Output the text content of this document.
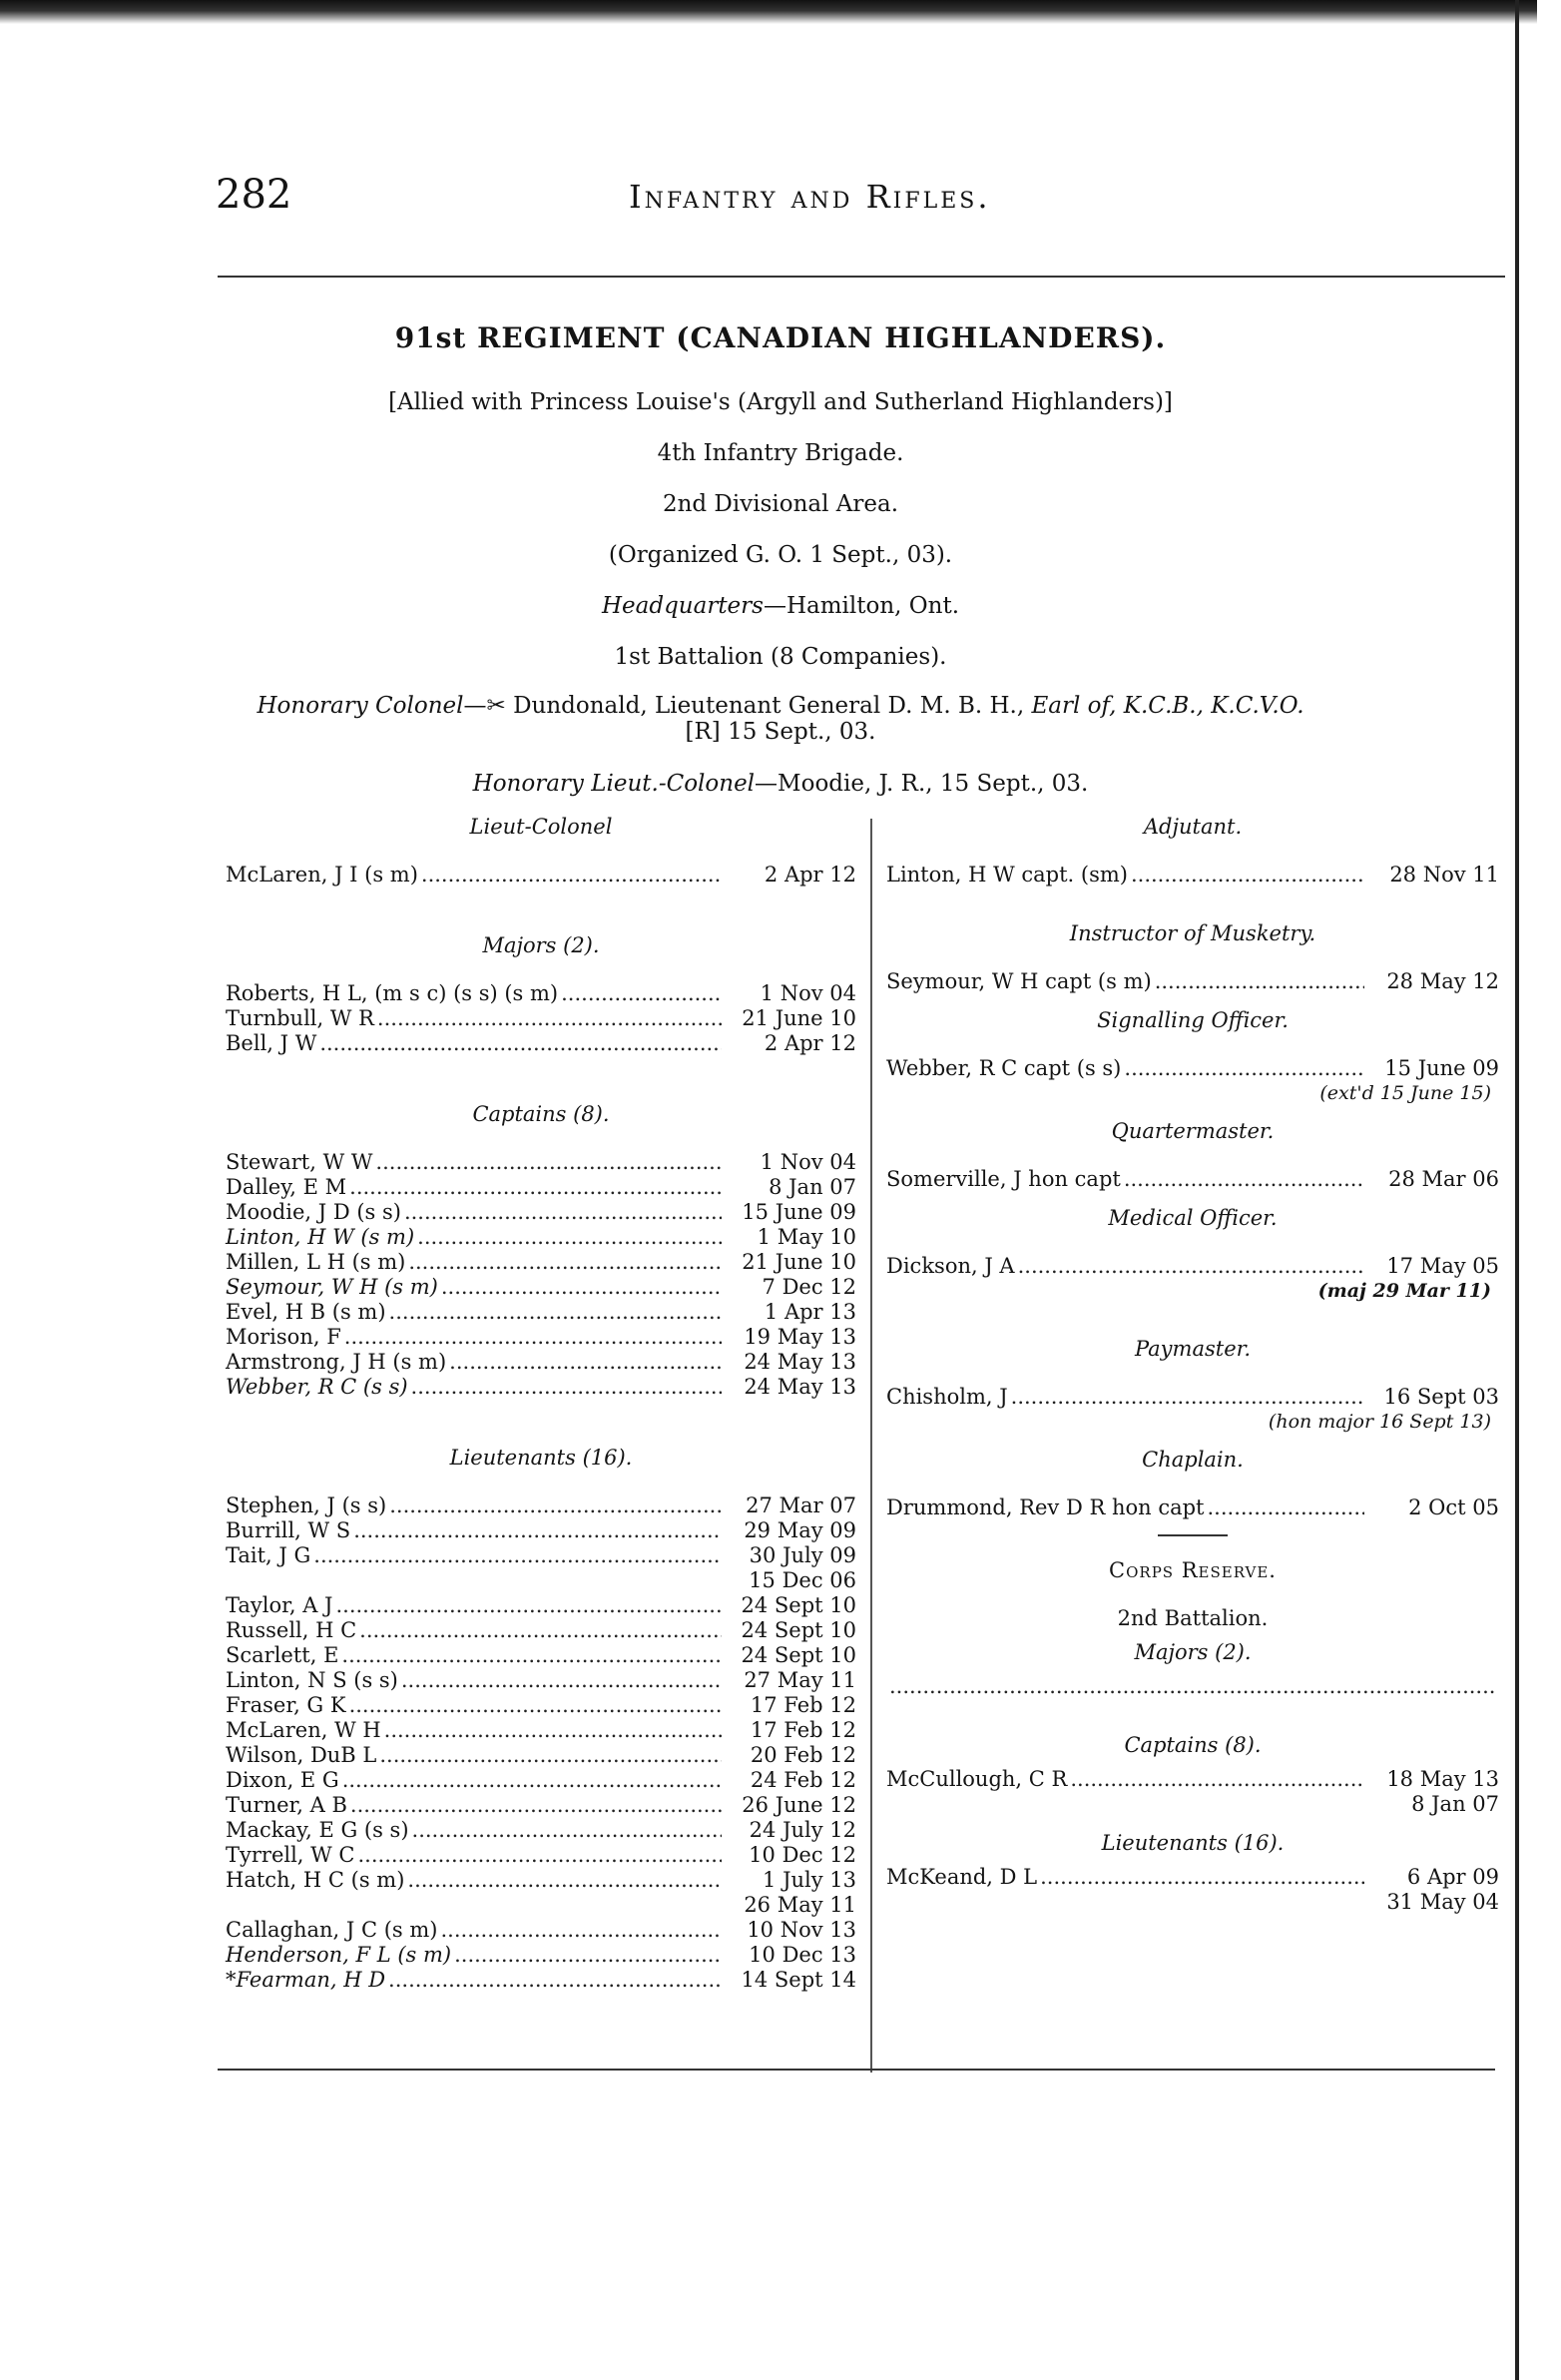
282	Infantry and Rifles.
91st REGIMENT (CANADIAN HIGHLANDERS).
[Allied with Princess Louise's (Argyll and Sutherland Highlanders)]
4th Infantry Brigade.
2nd Divisional Area.
(Organized G. O. 1 Sept., 03).
Headquarters—Hamilton, Ont.
1st Battalion (8 Companies).
Honorary Colonel—✂ Dundonald, Lieutenant General D. M. B. H., Earl of, K.C.B., K.C.V.O.
[R] 15 Sept., 03.
Honorary Lieut.-Colonel—Moodie, J. R., 15 Sept., 03.
Lieut-Colonel
McLaren, J I (s m) .....	2 Apr 12
Majors (2).
Roberts, H L, (m s c) (s s) (s m) .....	1 Nov 04
Turnbull, W R .....	21 June 10
Bell, J W .....	2 Apr 12
Captains (8).
Stewart, W W .....	1 Nov 04
Dalley, E M .....	8 Jan 07
Moodie, J D (s s) .....	15 June 09
Linton, H W (s m) .....	1 May 10
Millen, L H (s m) .....	21 June 10
Seymour, W H (s m) .....	7 Dec 12
Evel, H B (s m) .....	1 Apr 13
Morison, F .....	19 May 13
Armstrong, J H (s m) .....	24 May 13
Webber, R C (s s) .....	24 May 13
Lieutenants (16).
Stephen, J (s s) .....	27 Mar 07
Burrill, W S .....	29 May 09
Tait, J G .....	30 July 09
15 Dec 06
Taylor, A J .....	24 Sept 10
Russell, H C .....	24 Sept 10
Scarlett, E .....	24 Sept 10
Linton, N S (s s) .....	27 May 11
Fraser, G K .....	17 Feb 12
McLaren, W H .....	17 Feb 12
Wilson, DuB L .....	20 Feb 12
Dixon, E G .....	24 Feb 12
Turner, A B .....	26 June 12
Mackay, E G (s s) .....	24 July 12
Tyrrell, W C .....	10 Dec 12
Hatch, H C (s m) .....	1 July 13
26 May 11
Callaghan, J C (s m) .....	10 Nov 13
Henderson, F L (s m) .....	10 Dec 13
*Fearman, H D .....	14 Sept 14
Adjutant.
Linton, H W capt. (sm) .....	28 Nov 11
Instructor of Musketry.
Seymour, W H capt (s m) .....	28 May 12
Signalling Officer.
Webber, R C capt (s s) .....	15 June 09
(ext'd 15 June 15)
Quartermaster.
Somerville, J hon capt .....	28 Mar 06
Medical Officer.
Dickson, J A .....	17 May 05
(maj 29 Mar 11)
Paymaster.
Chisholm, J .....	16 Sept 03
(hon major 16 Sept 13)
Chaplain.
Drummond, Rev D R hon capt .....	2 Oct 05
Corps Reserve.
2nd Battalion.
Majors (2).
.....
Captains (8).
McCullough, C R .....	18 May 13
8 Jan 07
Lieutenants (16).
McKeand, D L .....	6 Apr 09
31 May 04
